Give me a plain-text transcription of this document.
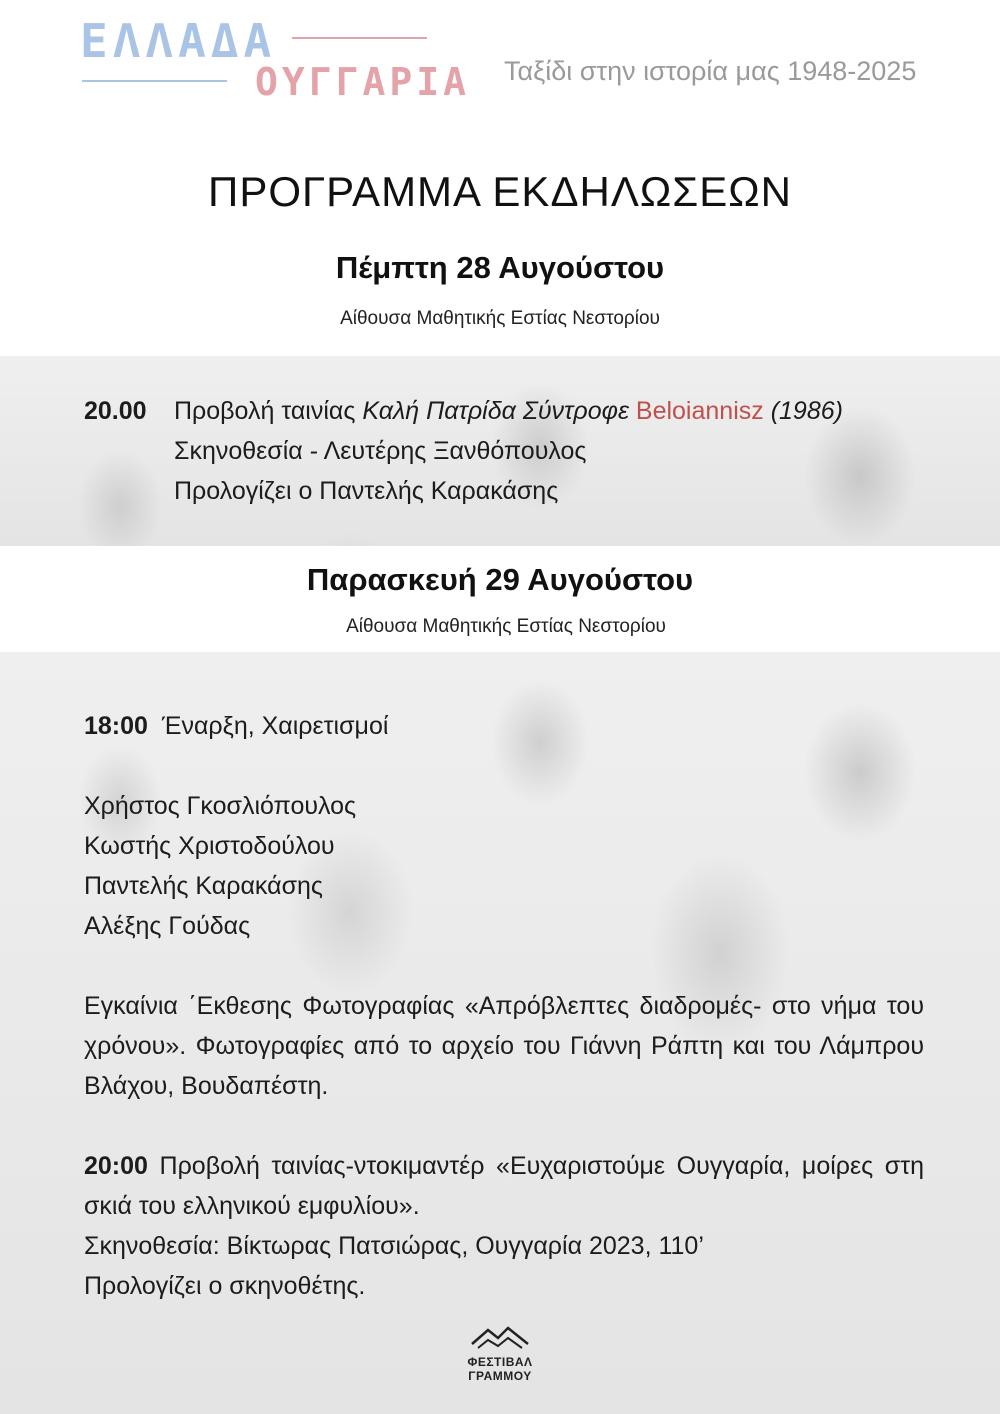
ΕΛΛΑΔΑ
ΟΥΓΓΑΡΙΑ Ταξίδι στην ιστορία μας 1948-2025
ΠΡΟΓΡΑΜΜΑ ΕΚΔΗΛΩΣΕΩΝ
Πέμπτη 28 Αυγούστου
Αίθουσα Μαθητικής Εστίας Νεστορίου
20.00	Προβολή ταινίας Καλή Πατρίδα Σύντροφε Beloiannisz (1986)
Σκηνοθεσία - Λευτέρης Ξανθόπουλος
Προλογίζει ο Παντελής Καρακάσης
Παρασκευή 29 Αυγούστου
Αίθουσα Μαθητικής Εστίας Νεστορίου
18:00 Έναρξη, Χαιρετισμοί
Χρήστος Γκοσλιόπουλος
Κωστής Χριστοδούλου
Παντελής Καρακάσης
Αλέξης Γούδας
Εγκαίνια ΄Εκθεσης Φωτογραφίας «Απρόβλεπτες διαδρομές- στο νήμα του χρόνου». Φωτογραφίες από το αρχείο του Γιάννη Ράπτη και του Λάμπρου Βλάχου, Βουδαπέστη.
20:00 Προβολή ταινίας-ντοκιμαντέρ «Ευχαριστούμε Ουγγαρία, μοίρες στη σκιά του ελληνικού εμφυλίου».
Σκηνοθεσία: Βίκτωρας Πατσιώρας, Ουγγαρία 2023, 110’
Προλογίζει ο σκηνοθέτης.
ΦΕΣΤΙΒΑΛ
ΓΡΑΜΜΟΥ
